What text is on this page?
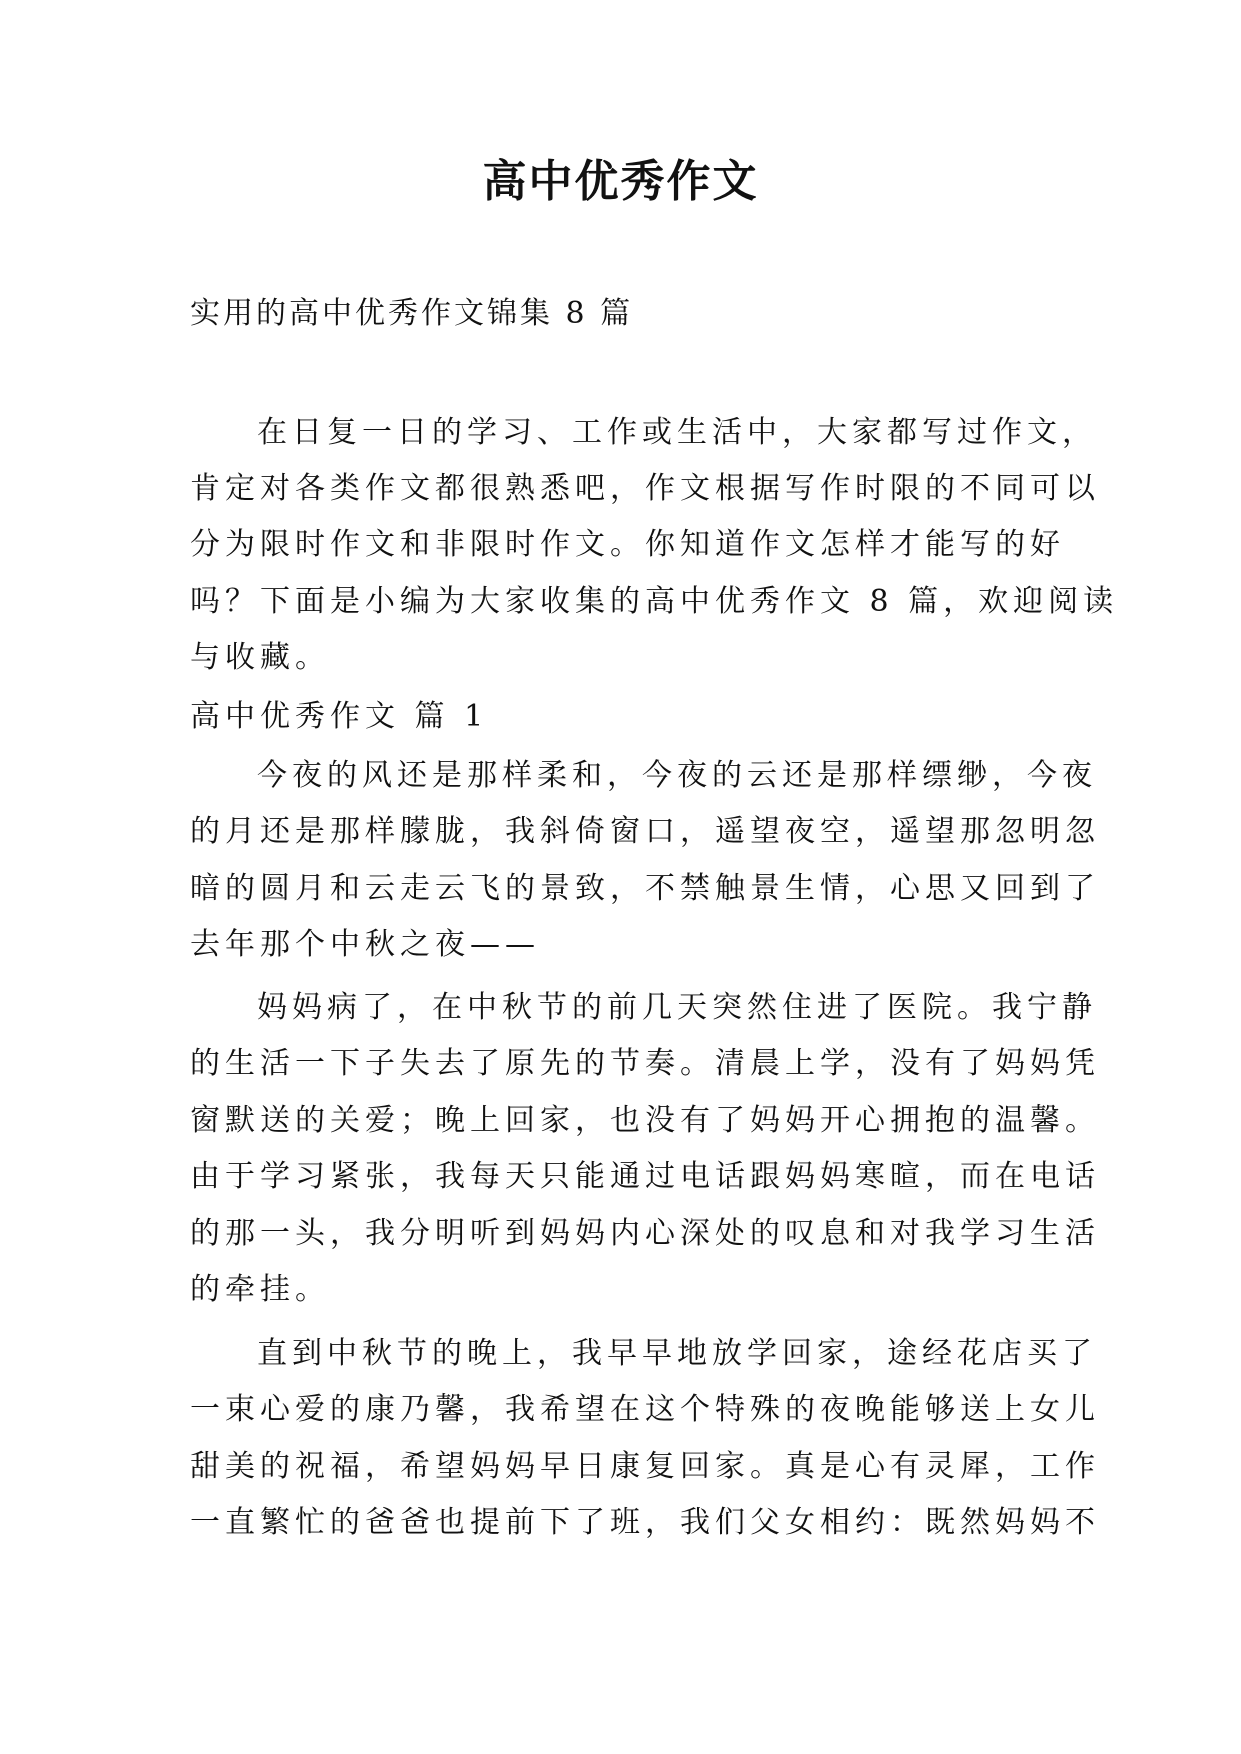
高中优秀作文
实用的高中优秀作文锦集 8 篇
在日复一日的学习、工作或生活中，大家都写过作文，
肯定对各类作文都很熟悉吧，作文根据写作时限的不同可以
分为限时作文和非限时作文。你知道作文怎样才能写的好
吗？下面是小编为大家收集的高中优秀作文 8 篇，欢迎阅读
与收藏。
高中优秀作文 篇 1
今夜的风还是那样柔和，今夜的云还是那样缥缈，今夜
的月还是那样朦胧，我斜倚窗口，遥望夜空，遥望那忽明忽
暗的圆月和云走云飞的景致，不禁触景生情，心思又回到了
去年那个中秋之夜——
妈妈病了，在中秋节的前几天突然住进了医院。我宁静
的生活一下子失去了原先的节奏。清晨上学，没有了妈妈凭
窗默送的关爱；晚上回家，也没有了妈妈开心拥抱的温馨。
由于学习紧张，我每天只能通过电话跟妈妈寒暄，而在电话
的那一头，我分明听到妈妈内心深处的叹息和对我学习生活
的牵挂。
直到中秋节的晚上，我早早地放学回家，途经花店买了
一束心爱的康乃馨，我希望在这个特殊的夜晚能够送上女儿
甜美的祝福，希望妈妈早日康复回家。真是心有灵犀，工作
一直繁忙的爸爸也提前下了班，我们父女相约：既然妈妈不
